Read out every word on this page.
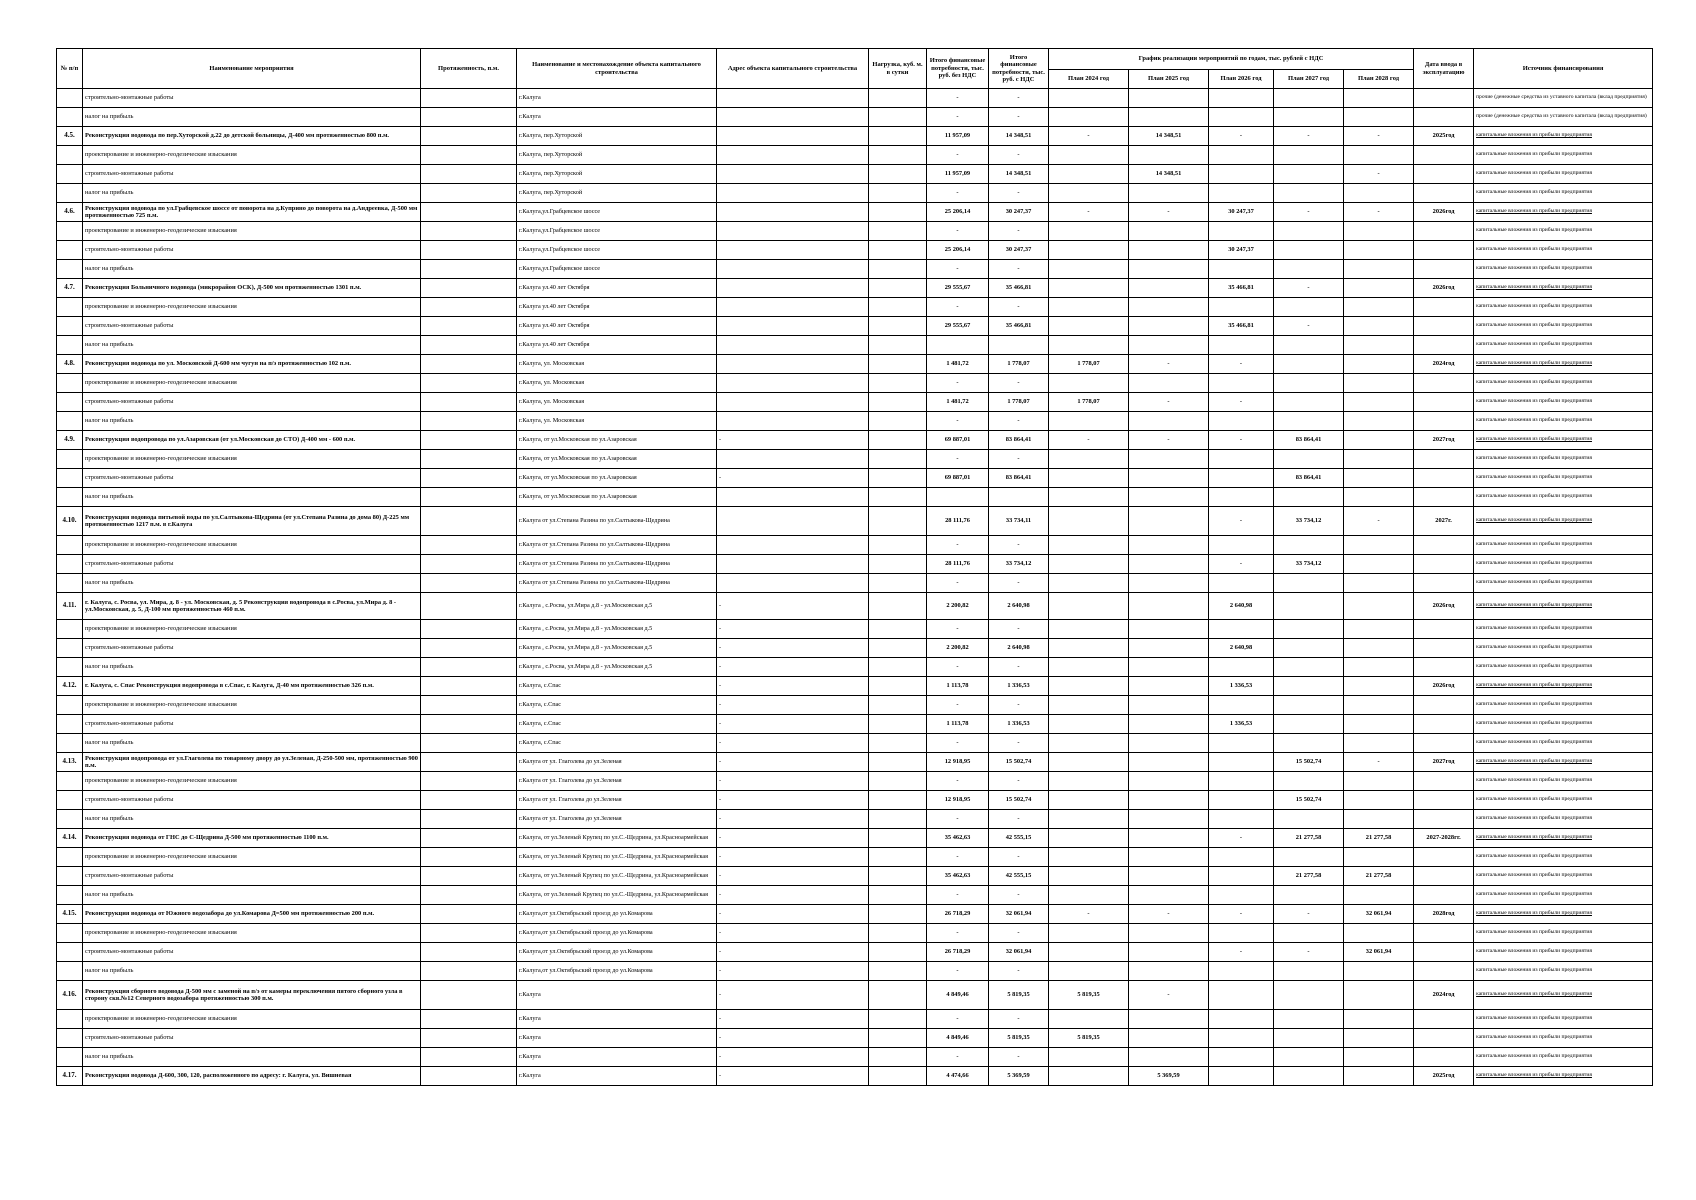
№ п/п	Наименование мероприятия	Протяженность, п.м.	Наименование и местонахождение объекта капитального строительства	Адрес объекта капитального строительства	Нагрузка, куб. м. в сутки	Итого финансовые потребности, тыс. руб. без НДС	Итого финансовые потребности, тыс. руб. с НДС	График реализации мероприятий по годам, тыс. рублей с НДС					Дата ввода в эксплуатацию	Источник финансирования
								План 2024 год	План 2025 год	План 2026 год	План 2027 год	План 2028 год		
	строительно-монтажные работы		г.Калуга			-	-							прочие (денежные средства из уставного капитала (вклад предприятия)
	налог на прибыль		г.Калуга			-	-							прочие (денежные средства из уставного капитала (вклад предприятия)
4.5.	Реконструкция водовода по пер.Хуторской д.22 до детской больницы, Д-400 мм протяженностью 800 п.м.		г.Калуга, пер.Хуторской			11 957,09	14 348,51	-	14 348,51	-	-	-	2025год	капитальные вложения из прибыли предприятия
	проектирование и инженерно-геодезические изыскания		г.Калуга, пер.Хуторской			-	-							капитальные вложения из прибыли предприятия
	строительно-монтажные работы		г.Калуга, пер.Хуторской			11 957,09	14 348,51		14 348,51			-		капитальные вложения из прибыли предприятия
	налог на прибыль		г.Калуга, пер.Хуторской			-	-							капитальные вложения из прибыли предприятия
4.6.	Реконструкция водовода по ул.Грабцевское шоссе от поворота на д.Куприно до поворота на д.Андреевка, Д-500 мм протяженностью 725 п.м.		г.Калуга,ул.Грабцевское шоссе			25 206,14	30 247,37	-	-	30 247,37	-	-	2026год	капитальные вложения из прибыли предприятия
	проектирование и инженерно-геодезические изыскания		г.Калуга,ул.Грабцевское шоссе			-	-							капитальные вложения из прибыли предприятия
	строительно-монтажные работы		г.Калуга,ул.Грабцевское шоссе			25 206,14	30 247,37			30 247,37				капитальные вложения из прибыли предприятия
	налог на прибыль		г.Калуга,ул.Грабцевское шоссе			-	-							капитальные вложения из прибыли предприятия
4.7.	Реконструкция Больничного водовода (микрорайон ОСК), Д-500 мм протяженностью 1301 п.м.		г.Калуга ул.40 лет Октября			29 555,67	35 466,81			35 466,81	-		2026год	капитальные вложения из прибыли предприятия
	проектирование и инженерно-геодезические изыскания		г.Калуга ул.40 лет Октября			-	-							капитальные вложения из прибыли предприятия
	строительно-монтажные работы		г.Калуга ул.40 лет Октября			29 555,67	35 466,81			35 466,81	-			капитальные вложения из прибыли предприятия
	налог на прибыль		г.Калуга ул.40 лет Октября											капитальные вложения из прибыли предприятия
4.8.	Реконструкция водовода по ул. Московской Д-600 мм чугун на п/э протяженностью 102 п.м.		г.Калуга, ул. Московская			1 481,72	1 778,07	1 778,07	-	-			2024год	капитальные вложения из прибыли предприятия
	проектирование и инженерно-геодезические изыскания		г.Калуга, ул. Московская			-	-							капитальные вложения из прибыли предприятия
	строительно-монтажные работы		г.Калуга, ул. Московская			1 481,72	1 778,07	1 778,07	-	-				капитальные вложения из прибыли предприятия
	налог на прибыль		г.Калуга, ул. Московская			-	-							капитальные вложения из прибыли предприятия
4.9.	Реконструкция водопровода по ул.Азаровская (от ул.Московская до СТО) Д-400 мм - 600 п.м.		г.Калуга, от ул.Московская по ул.Азаровская	-		69 887,01	83 864,41	-	-	-	83 864,41		2027год	капитальные вложения из прибыли предприятия
	проектирование и инженерно-геодезические изыскания		г.Калуга, от ул.Московская по ул.Азаровская			-	-							капитальные вложения из прибыли предприятия
	строительно-монтажные работы		г.Калуга, от ул.Московская по ул.Азаровская	-		69 887,01	83 864,41				83 864,41			капитальные вложения из прибыли предприятия
	налог на прибыль		г.Калуга, от ул.Московская по ул.Азаровская											капитальные вложения из прибыли предприятия
4.10.	Реконструкция водовода питьевой воды по ул.Салтыкова-Щедрина (от ул.Степана Разина до дома 80) Д-225 мм протяженностью 1217 п.м. в г.Калуга		г.Калуга от ул.Степана Разина по ул.Салтыкова-Щедрина			28 111,76	33 734,11			-	33 734,12	-	2027г.	капитальные вложения из прибыли предприятия
	проектирование и инженерно-геодезические изыскания		г.Калуга от ул.Степана Разина по ул.Салтыкова-Щедрина			-	-							капитальные вложения из прибыли предприятия
	строительно-монтажные работы		г.Калуга от ул.Степана Разина по ул.Салтыкова-Щедрина			28 111,76	33 734,12			-	33 734,12			капитальные вложения из прибыли предприятия
	налог на прибыль		г.Калуга от ул.Степана Разина по ул.Салтыкова-Щедрина			-	-							капитальные вложения из прибыли предприятия
4.11.	г. Калуга, с. Росва, ул. Мира, д. 8 - ул. Московская, д. 5 Реконструкция водопровода в с.Росва, ул.Мира д. 8 - ул.Московская, д. 5, Д-100 мм протяженностью 460 п.м.		г.Калуга , с.Росва, ул.Мира д.8 - ул.Московская д.5	-		2 200,82	2 640,98			2 640,98			2026год	капитальные вложения из прибыли предприятия
	проектирование и инженерно-геодезические изыскания		г.Калуга , с.Росва, ул.Мира д.8 - ул.Московская д.5	-		-	-							капитальные вложения из прибыли предприятия
	строительно-монтажные работы		г.Калуга , с.Росва, ул.Мира д.8 - ул.Московская д.5	-		2 200,82	2 640,98			2 640,98				капитальные вложения из прибыли предприятия
	налог на прибыль		г.Калуга , с.Росва, ул.Мира д.8 - ул.Московская д.5	-		-	-							капитальные вложения из прибыли предприятия
4.12.	г. Калуга, с. Спас Реконструкция водопровода в с.Спас, г. Калуга, Д-40 мм протяженностью 326 п.м.		г.Калуга, с.Спас	-		1 113,78	1 336,53			1 336,53			2026год	капитальные вложения из прибыли предприятия
	проектирование и инженерно-геодезические изыскания		г.Калуга, с.Спас	-		-	-							капитальные вложения из прибыли предприятия
	строительно-монтажные работы		г.Калуга, с.Спас	-		1 113,78	1 336,53			1 336,53				капитальные вложения из прибыли предприятия
	налог на прибыль		г.Калуга, с.Спас	-		-	-							капитальные вложения из прибыли предприятия
4.13.	Реконструкция водопровода от ул.Глаголева по товарному двору до ул.Зеленая, Д-250-500 мм, протяженностью 900 п.м.		г.Калуга от ул. Глаголева до ул.Зеленая	-		12 918,95	15 502,74				15 502,74	-	2027год	капитальные вложения из прибыли предприятия
	проектирование и инженерно-геодезические изыскания		г.Калуга от ул. Глаголева до ул.Зеленая	-		-	-							капитальные вложения из прибыли предприятия
	строительно-монтажные работы		г.Калуга от ул. Глаголева до ул.Зеленая	-		12 918,95	15 502,74				15 502,74			капитальные вложения из прибыли предприятия
	налог на прибыль		г.Калуга от ул. Глаголева до ул.Зеленая	-		-	-							капитальные вложения из прибыли предприятия
4.14.	Реконструкция водовода от ГНС до С-Щедрина Д-500 мм протяженностью 1100 п.м.		г.Калуга, от ул.Зеленый Крупец по ул.С.-Щедрина, ул.Красноармейская	-		35 462,63	42 555,15			-	21 277,58	21 277,58	2027-2028гг.	капитальные вложения из прибыли предприятия
	проектирование и инженерно-геодезические изыскания		г.Калуга, от ул.Зеленый Крупец по ул.С.-Щедрина, ул.Красноармейская	-		-	-							капитальные вложения из прибыли предприятия
	строительно-монтажные работы		г.Калуга, от ул.Зеленый Крупец по ул.С.-Щедрина, ул.Красноармейская	-		35 462,63	42 555,15				21 277,58	21 277,58		капитальные вложения из прибыли предприятия
	налог на прибыль		г.Калуга, от ул.Зеленый Крупец по ул.С.-Щедрина, ул.Красноармейская	-		-	-							капитальные вложения из прибыли предприятия
4.15.	Реконструкция водовода от Южного водозабора до ул.Комарова Д=500 мм протяженностью 200 п.м.		г.Калуга,от ул.Октябрьский проезд до ул.Комарова	-		26 718,29	32 061,94	-	-	-	-	32 061,94	2028год	капитальные вложения из прибыли предприятия
	проектирование и инженерно-геодезические изыскания		г.Калуга,от ул.Октябрьский проезд до ул.Комарова	-		-	-							капитальные вложения из прибыли предприятия
	строительно-монтажные работы		г.Калуга,от ул.Октябрьский проезд до ул.Комарова	-		26 718,29	32 061,94			-	-	32 061,94		капитальные вложения из прибыли предприятия
	налог на прибыль		г.Калуга,от ул.Октябрьский проезд до ул.Комарова	-		-	-							капитальные вложения из прибыли предприятия
4.16.	Реконструкция сборного водовода Д-500 мм с заменой на п/э от камеры переключения пятого сборного узла в сторону скв.№12 Северного водозабора протяженностью 300 п.м.		г.Калуга	-		4 849,46	5 819,35	5 819,35	-				2024год	капитальные вложения из прибыли предприятия
	проектирование и инженерно-геодезические изыскания		г.Калуга	-		-	-							капитальные вложения из прибыли предприятия
	строительно-монтажные работы		г.Калуга	-		4 849,46	5 819,35	5 819,35						капитальные вложения из прибыли предприятия
	налог на прибыль		г.Калуга	-		-	-							капитальные вложения из прибыли предприятия
4.17.	Реконструкция водовода Д-600, 300, 120, расположенного по адресу: г. Калуга, ул. Вишневая		г.Калуга	-		4 474,66	5 369,59		5 369,59				2025год	капитальные вложения из прибыли предприятия
